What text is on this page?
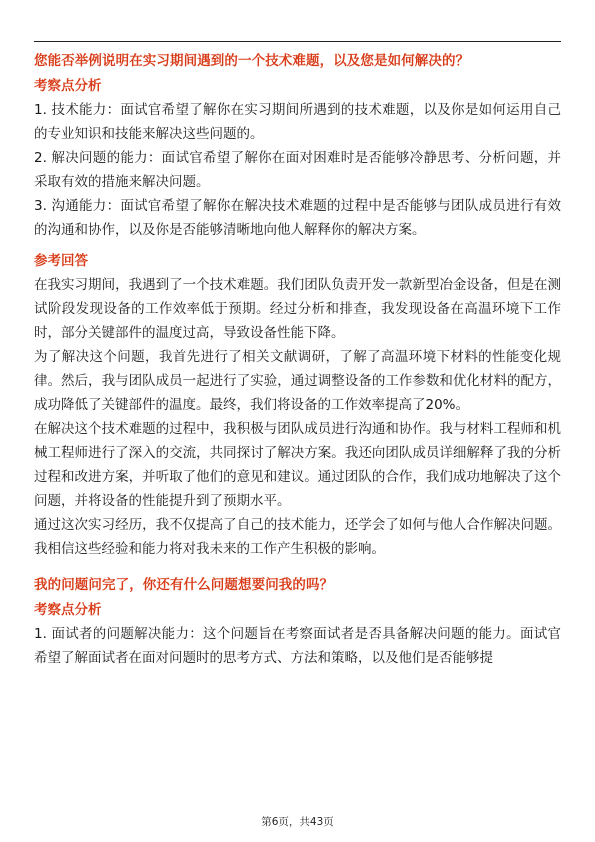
您能否举例说明在实习期间遇到的一个技术难题，以及您是如何解决的？

考察点分析

1. 技术能力：面试官希望了解你在实习期间所遇到的技术难题，以及你是如何运用自己的专业知识和技能来解决这些问题的。

2. 解决问题的能力：面试官希望了解你在面对困难时是否能够冷静思考、分析问题，并采取有效的措施来解决问题。

3. 沟通能力：面试官希望了解你在解决技术难题的过程中是否能够与团队成员进行有效的沟通和协作，以及你是否能够清晰地向他人解释你的解决方案。

参考回答

在我实习期间，我遇到了一个技术难题。我们团队负责开发一款新型冶金设备，但是在测试阶段发现设备的工作效率低于预期。经过分析和排查，我发现设备在高温环境下工作时，部分关键部件的温度过高，导致设备性能下降。

为了解决这个问题，我首先进行了相关文献调研，了解了高温环境下材料的性能变化规律。然后，我与团队成员一起进行了实验，通过调整设备的工作参数和优化材料的配方，成功降低了关键部件的温度。最终，我们将设备的工作效率提高了20%。

在解决这个技术难题的过程中，我积极与团队成员进行沟通和协作。我与材料工程师和机械工程师进行了深入的交流，共同探讨了解决方案。我还向团队成员详细解释了我的分析过程和改进方案，并听取了他们的意见和建议。通过团队的合作，我们成功地解决了这个问题，并将设备的性能提升到了预期水平。

通过这次实习经历，我不仅提高了自己的技术能力，还学会了如何与他人合作解决问题。我相信这些经验和能力将对我未来的工作产生积极的影响。

我的问题问完了，你还有什么问题想要问我的吗？

考察点分析

1. 面试者的问题解决能力：这个问题旨在考察面试者是否具备解决问题的能力。面试官希望了解面试者在面对问题时的思考方式、方法和策略，以及他们是否能够提

第6页，共43页
